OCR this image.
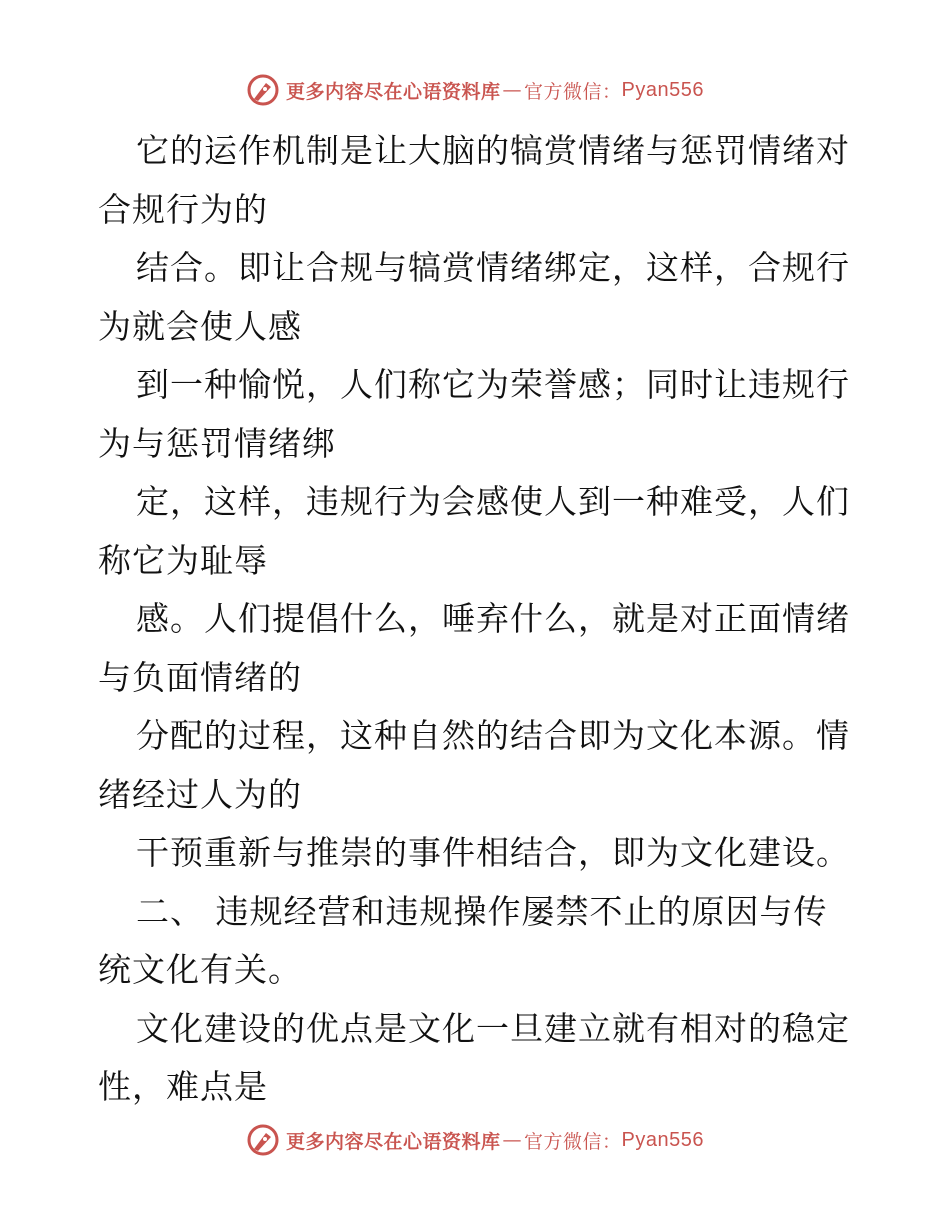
更多内容尽在心语资料库 — 官方微信： Pyan556
它的运作机制是让大脑的犒赏情绪与惩罚情绪对
合规行为的
结合。即让合规与犒赏情绪绑定，这样，合规行
为就会使人感
到一种愉悦，人们称它为荣誉感；同时让违规行
为与惩罚情绪绑
定，这样，违规行为会感使人到一种难受，人们
称它为耻辱
感。人们提倡什么，唾弃什么，就是对正面情绪
与负面情绪的
分配的过程，这种自然的结合即为文化本源。情
绪经过人为的
干预重新与推崇的事件相结合，即为文化建设。
二、 违规经营和违规操作屡禁不止的原因与传
统文化有关。
文化建设的优点是文化一旦建立就有相对的稳定
性，难点是
更多内容尽在心语资料库 — 官方微信： Pyan556
